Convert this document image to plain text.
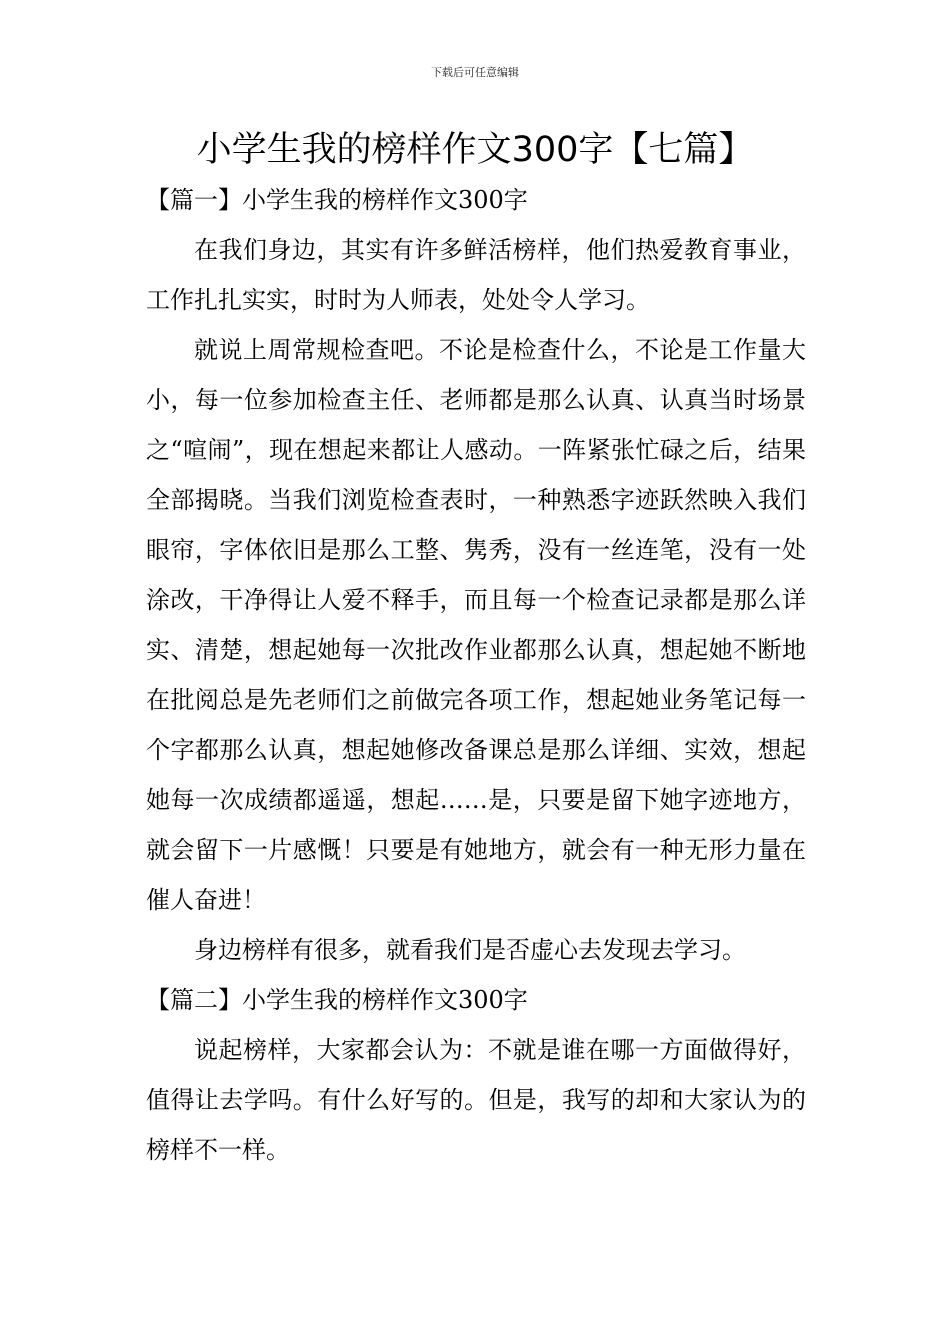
下载后可任意编辑
小学生我的榜样作文300字【七篇】
【篇一】小学生我的榜样作文300字

在我们身边，其实有许多鲜活榜样，他们热爱教育事业，工作扎扎实实，时时为人师表，处处令人学习。

就说上周常规检查吧。不论是检查什么，不论是工作量大小，每一位参加检查主任、老师都是那么认真、认真当时场景之“喧闹”，现在想起来都让人感动。一阵紧张忙碌之后，结果全部揭晓。当我们浏览检查表时，一种熟悉字迹跃然映入我们眼帘，字体依旧是那么工整、隽秀，没有一丝连笔，没有一处涂改，干净得让人爱不释手，而且每一个检查记录都是那么详实、清楚，想起她每一次批改作业都那么认真，想起她不断地在批阅总是先老师们之前做完各项工作，想起她业务笔记每一个字都那么认真，想起她修改备课总是那么详细、实效，想起她每一次成绩都遥遥，想起……是，只要是留下她字迹地方，就会留下一片感慨！只要是有她地方，就会有一种无形力量在催人奋进！

身边榜样有很多，就看我们是否虚心去发现去学习。

【篇二】小学生我的榜样作文300字

说起榜样，大家都会认为：不就是谁在哪一方面做得好，值得让去学吗。有什么好写的。但是，我写的却和大家认为的榜样不一样。
